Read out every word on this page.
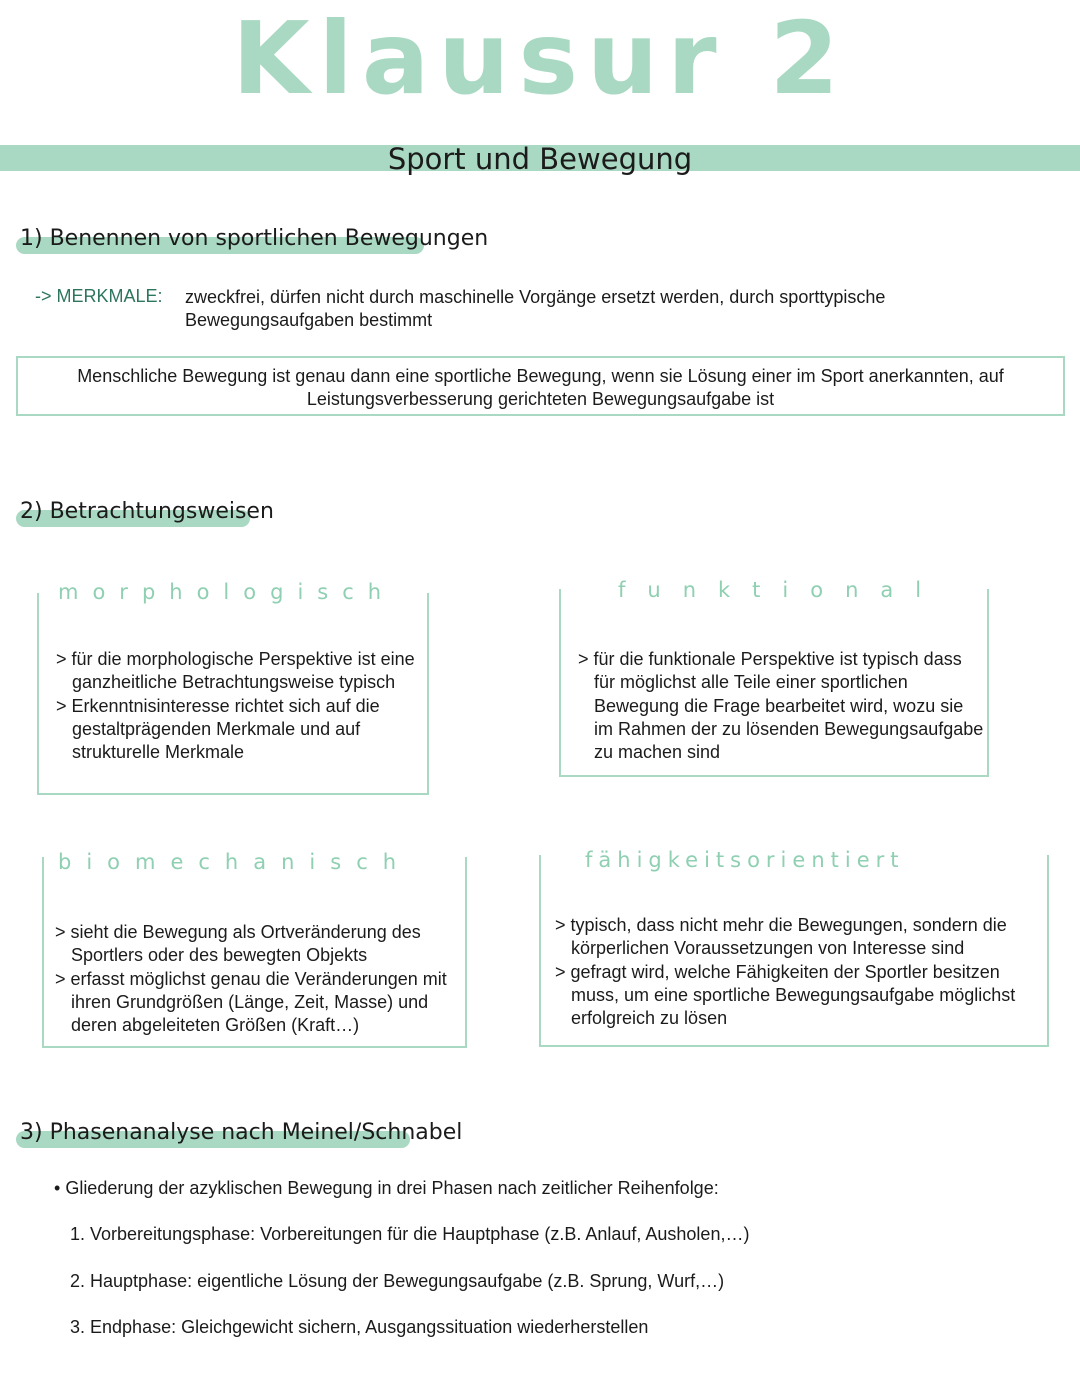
Klausur 2
Sport und Bewegung
1) Benennen von sportlichen Bewegungen
-> MERKMALE: zweckfrei, dürfen nicht durch maschinelle Vorgänge ersetzt werden, durch sporttypische Bewegungsaufgaben bestimmt
Menschliche Bewegung ist genau dann eine sportliche Bewegung, wenn sie Lösung einer im Sport anerkannten, auf Leistungsverbesserung gerichteten Bewegungsaufgabe ist
2) Betrachtungsweisen
morphologisch
> für die morphologische Perspektive ist eine ganzheitliche Betrachtungsweise typisch
> Erkenntnisinteresse richtet sich auf die gestaltprägenden Merkmale und auf strukturelle Merkmale
funktional
> für die funktionale Perspektive ist typisch dass für möglichst alle Teile einer sportlichen Bewegung die Frage bearbeitet wird, wozu sie im Rahmen der zu lösenden Bewegungsaufgabe zu machen sind
biomechanisch
> sieht die Bewegung als Ortveränderung des Sportlers oder des bewegten Objekts
> erfasst möglichst genau die Veränderungen mit ihren Grundgrößen (Länge, Zeit, Masse) und deren abgeleiteten Größen (Kraft…)
fähigkeitsorientiert
> typisch, dass nicht mehr die Bewegungen, sondern die körperlichen Voraussetzungen von Interesse sind
> gefragt wird, welche Fähigkeiten der Sportler besitzen muss, um eine sportliche Bewegungsaufgabe möglichst erfolgreich zu lösen
3) Phasenanalyse nach Meinel/Schnabel
• Gliederung der azyklischen Bewegung in drei Phasen nach zeitlicher Reihenfolge:
1. Vorbereitungsphase: Vorbereitungen für die Hauptphase (z.B. Anlauf, Ausholen,…)
2. Hauptphase: eigentliche Lösung der Bewegungsaufgabe (z.B. Sprung, Wurf,…)
3. Endphase: Gleichgewicht sichern, Ausgangssituation wiederherstellen
